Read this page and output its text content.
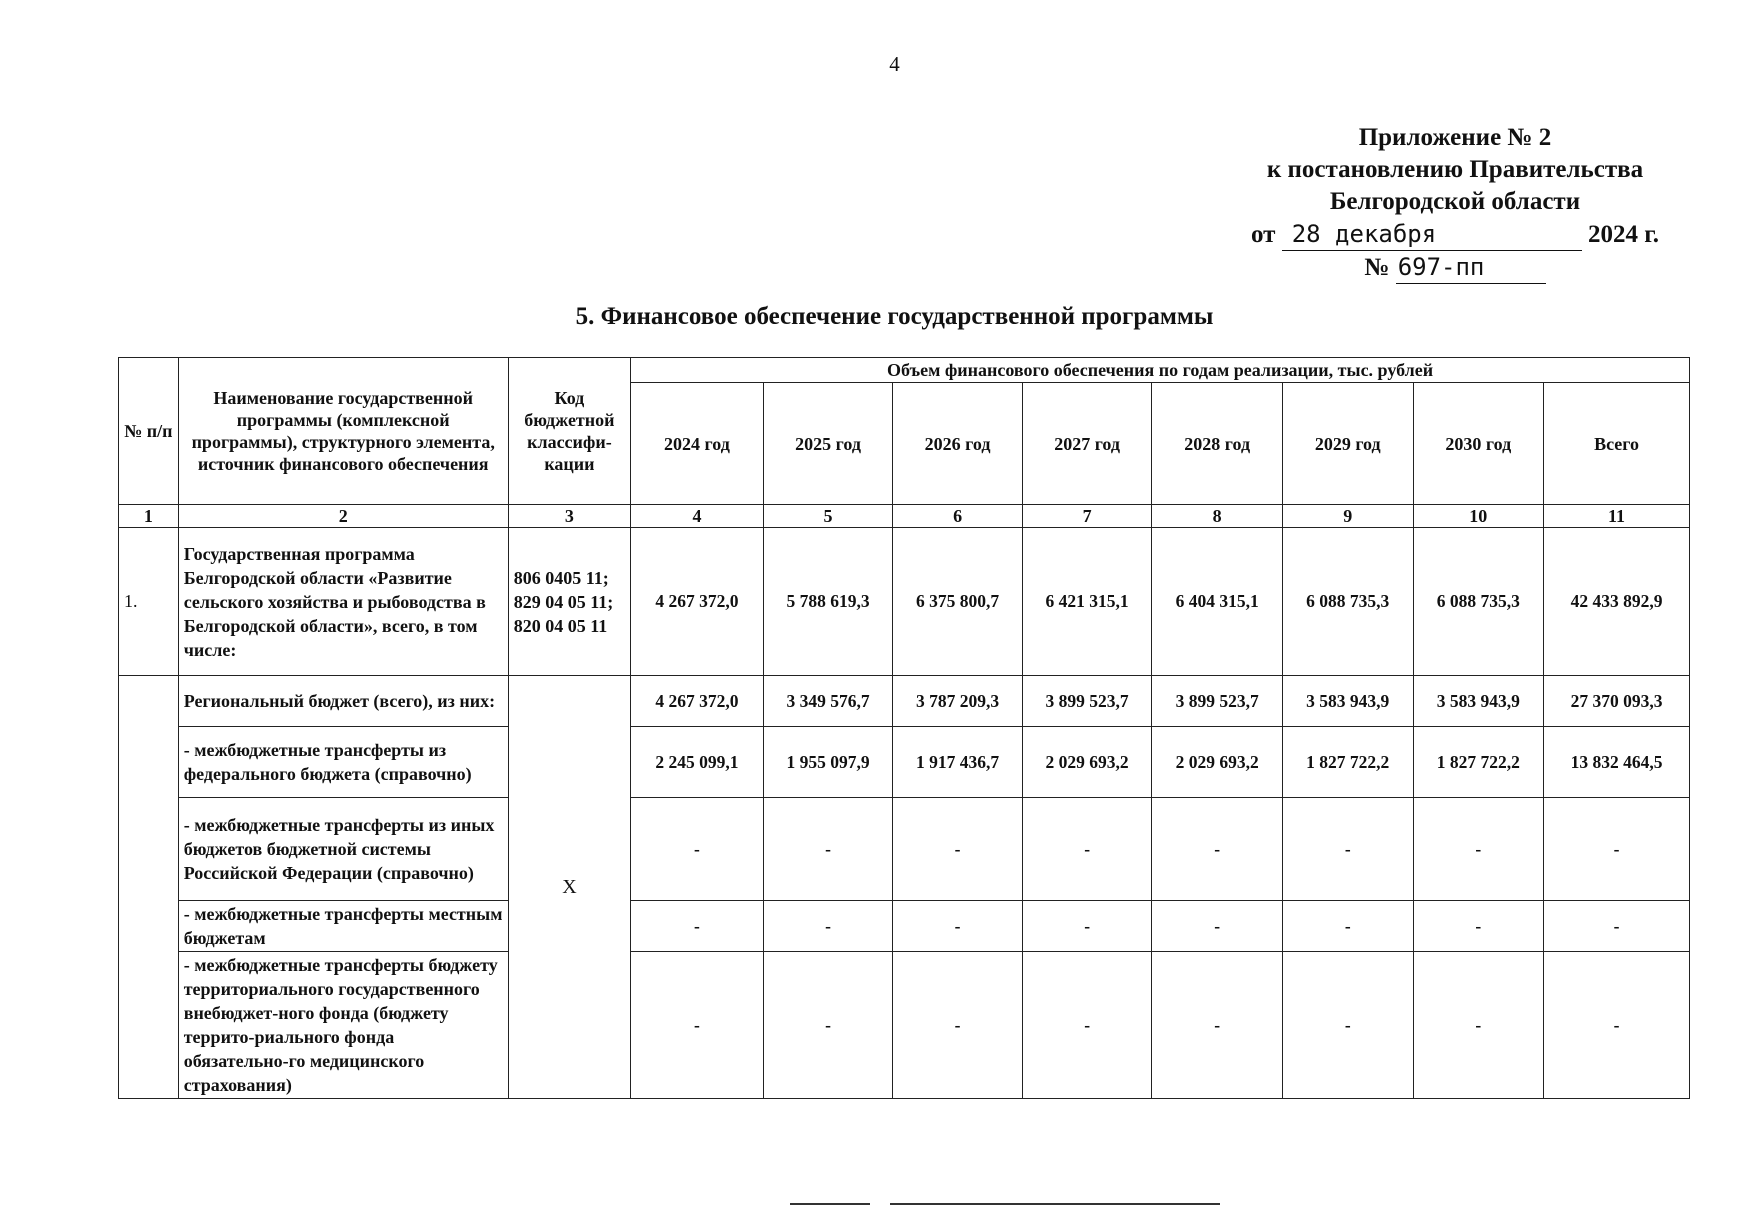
4
Приложение № 2
к постановлению Правительства
Белгородской области
от 28 декабря	2024 г.
№ 697-пп
5. Финансовое обеспечение государственной программы
№ п/п	Наименование государственной программы (комплексной программы), структурного элемента, источник финансового обеспечения	Код бюджетной классифи-кации	Объем финансового обеспечения по годам реализации, тыс. рублей							
			2024 год	2025 год	2026 год	2027 год	2028 год	2029 год	2030 год	Всего
1	2	3	4	5	6	7	8	9	10	11
1.	Государственная программа Белгородской области «Развитие сельского хозяйства и рыбоводства в Белгородской области», всего, в том числе:	806 0405 11; 829 04 05 11; 820 04 05 11	4 267 372,0	5 788 619,3	6 375 800,7	6 421 315,1	6 404 315,1	6 088 735,3	6 088 735,3	42 433 892,9
	Региональный бюджет (всего), из них:	X	4 267 372,0	3 349 576,7	3 787 209,3	3 899 523,7	3 899 523,7	3 583 943,9	3 583 943,9	27 370 093,3
	- межбюджетные трансферты из федерального бюджета (справочно)		2 245 099,1	1 955 097,9	1 917 436,7	2 029 693,2	2 029 693,2	1 827 722,2	1 827 722,2	13 832 464,5
	- межбюджетные трансферты из иных бюджетов бюджетной системы Российской Федерации (справочно)		-	-	-	-	-	-	-	-
	- межбюджетные трансферты местным бюджетам		-	-	-	-	-	-	-	-
	- межбюджетные трансферты бюджету территориального государственного внебюджет-ного фонда (бюджету террито-риального фонда обязательно-го медицинского страхования)		-	-	-	-	-	-	-	-
